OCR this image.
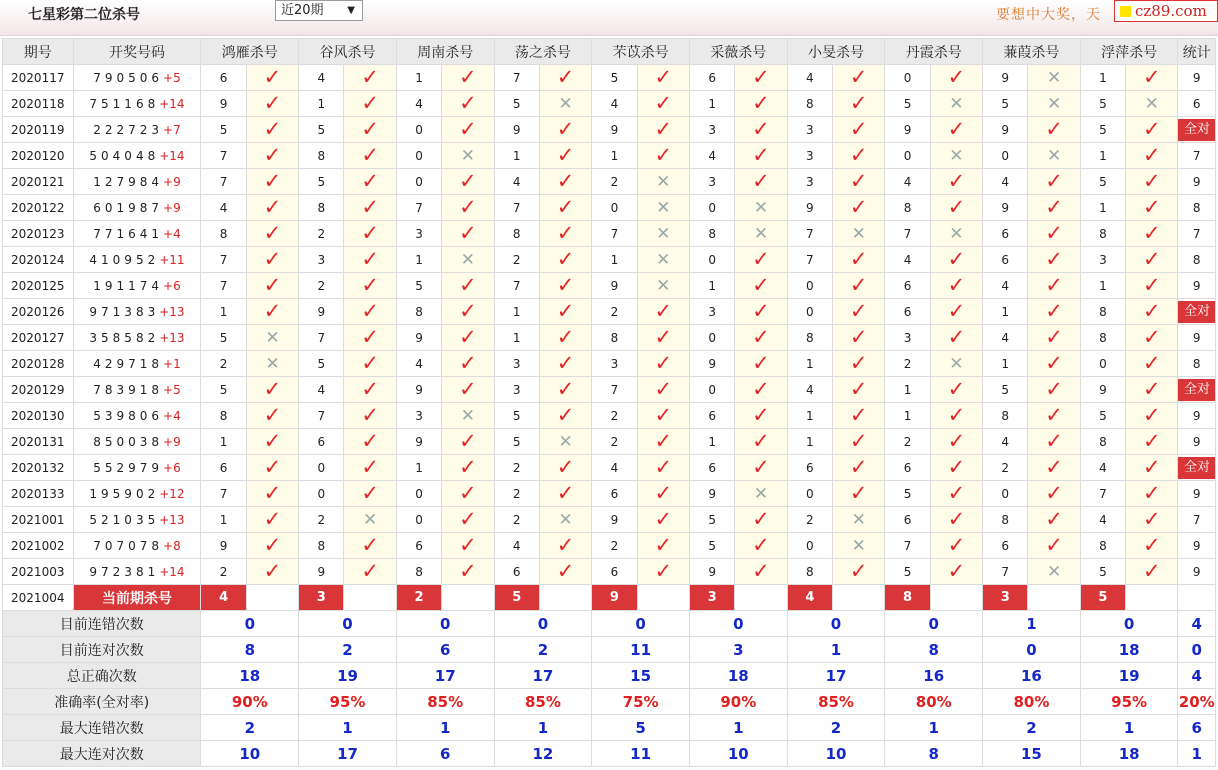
七星彩第二位杀号	近20期 ▼	要想中大奖，天	cz89.com
期号	开奖号码	鸿雁杀号		谷风杀号		周南杀号		荡之杀号		芣苡杀号		采薇杀号		小旻杀号		丹霞杀号		蒹葭杀号		浮萍杀号		统计
2020117	790506+5	6	✓	4	✓	1	✓	7	✓	5	✓	6	✓	4	✓	0	✓	9	✕	1	✓	9
2020118	751168+14	9	✓	1	✓	4	✓	5	✕	4	✓	1	✓	8	✓	5	✕	5	✕	5	✕	6
2020119	222723+7	5	✓	5	✓	0	✓	9	✓	9	✓	3	✓	3	✓	9	✓	9	✓	5	✓	全对
2020120	504048+14	7	✓	8	✓	0	✕	1	✓	1	✓	4	✓	3	✓	0	✕	0	✕	1	✓	7
2020121	127984+9	7	✓	5	✓	0	✓	4	✓	2	✕	3	✓	3	✓	4	✓	4	✓	5	✓	9
2020122	601987+9	4	✓	8	✓	7	✓	7	✓	0	✕	0	✕	9	✓	8	✓	9	✓	1	✓	8
2020123	771641+4	8	✓	2	✓	3	✓	8	✓	7	✕	8	✕	7	✕	7	✕	6	✓	8	✓	7
2020124	410952+11	7	✓	3	✓	1	✕	2	✓	1	✕	0	✓	7	✓	4	✓	6	✓	3	✓	8
2020125	191174+6	7	✓	2	✓	5	✓	7	✓	9	✕	1	✓	0	✓	6	✓	4	✓	1	✓	9
2020126	971383+13	1	✓	9	✓	8	✓	1	✓	2	✓	3	✓	0	✓	6	✓	1	✓	8	✓	全对
2020127	358582+13	5	✕	7	✓	9	✓	1	✓	8	✓	0	✓	8	✓	3	✓	4	✓	8	✓	9
2020128	429718+1	2	✕	5	✓	4	✓	3	✓	3	✓	9	✓	1	✓	2	✕	1	✓	0	✓	8
2020129	783918+5	5	✓	4	✓	9	✓	3	✓	7	✓	0	✓	4	✓	1	✓	5	✓	9	✓	全对
2020130	539806+4	8	✓	7	✓	3	✕	5	✓	2	✓	6	✓	1	✓	1	✓	8	✓	5	✓	9
2020131	850038+9	1	✓	6	✓	9	✓	5	✕	2	✓	1	✓	1	✓	2	✓	4	✓	8	✓	9
2020132	552979+6	6	✓	0	✓	1	✓	2	✓	4	✓	6	✓	6	✓	6	✓	2	✓	4	✓	全对
2020133	195902+12	7	✓	0	✓	0	✓	2	✓	6	✓	9	✕	0	✓	5	✓	0	✓	7	✓	9
2021001	521035+13	1	✓	2	✕	0	✓	2	✕	9	✓	5	✓	2	✕	6	✓	8	✓	4	✓	7
2021002	707078+8	9	✓	8	✓	6	✓	4	✓	2	✓	5	✓	0	✕	7	✓	6	✓	8	✓	9
2021003	972381+14	2	✓	9	✓	8	✓	6	✓	6	✓	9	✓	8	✓	5	✓	7	✕	5	✓	9
2021004	当前期杀号	4		3		2		5		9		3		4		8		3		5		
目前连错次数		0		0		0		0		0		0		0		0		1		0		4
目前连对次数		8		2		6		2		11		3		1		8		0		18		0
总正确次数		18		19		17		17		15		18		17		16		16		19		4
准确率(全对率)		90%		95%		85%		85%		75%		90%		85%		80%		80%		95%		20%
最大连错次数		2		1		1		1		5		1		2		1		2		1		6
最大连对次数		10		17		6		12		11		10		10		8		15		18		1
